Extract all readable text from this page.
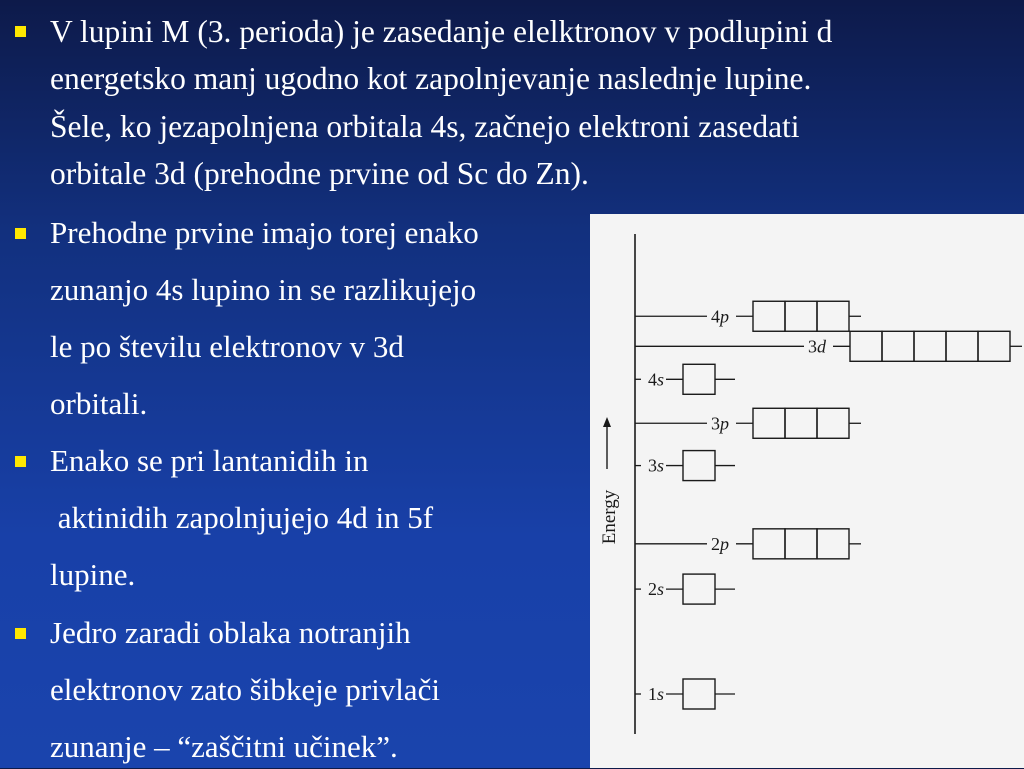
V lupini M (3. perioda) je zasedanje elelktronov v podlupini d
energetsko manj ugodno kot zapolnjevanje naslednje lupine.
Šele, ko jezapolnjena orbitala 4s, začnejo elektroni zasedati
orbitale 3d (prehodne prvine od Sc do Zn).
Prehodne prvine imajo torej enako
zunanjo 4s lupino in se razlikujejo
le po številu elektronov v 3d
orbitali.
Enako se pri lantanidih in
aktinidih zapolnjujejo 4d in 5f
lupine.
Jedro zaradi oblaka notranjih
elektronov zato šibkeje privlači
zunanje – “zaščitni učinek”.
Energy
4p
3d
4s
3p
3s
2p
2s
1s
